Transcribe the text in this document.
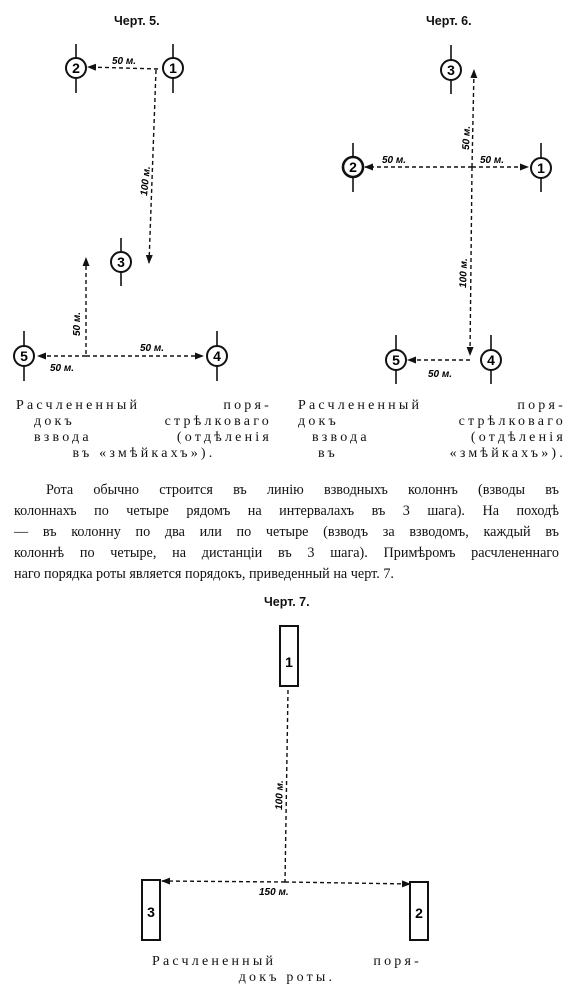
Черт. 5.	Черт. 6.
Черт. 7.
1
2
3
4
5
50 м.
100 м.
50 м.
50 м.
50 м.
1
2
3
4
5
50 м.
50 м.	50 м.
100 м.
50 м.
1
2
3
100 м.
150 м.
Расчлененный поря-
докъ стрѣлковаго
взвода (отдѣленія
въ «змѣйкахъ»).
Расчлененный поря-
докъ стрѣлковаго
взвода (отдѣленія
въ «змѣйкахъ»).
Рота обычно строится въ линію взводныхъ колоннъ (взводы въ
колоннахъ по четыре рядомъ на интервалахъ въ 3 шага). На походѣ
— въ колонну по два или по четыре (взводъ за взводомъ, каждый въ
колоннѣ по четыре, на дистанціи въ 3 шага). Примѣромъ расчлененнаго
наго порядка роты является порядокъ, приведенный на черт. 7.
Расчлененный поря-
докъ роты.
